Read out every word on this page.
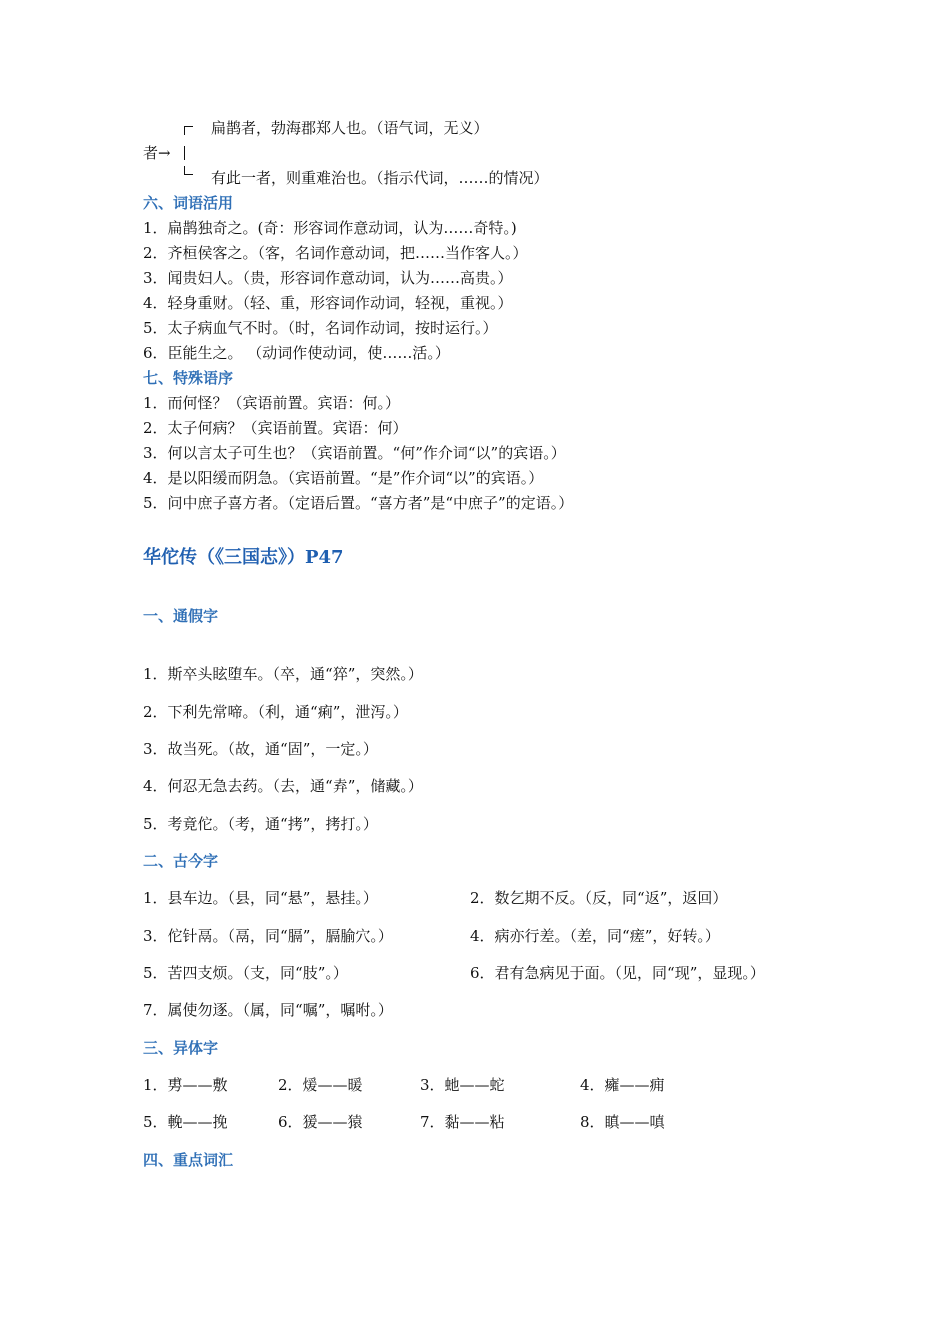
者→
扁鹊者，勃海郡郑人也。（语气词，无义）
有此一者，则重难治也。（指示代词，……的情况）
六、词语活用
1．扁鹊独奇之。(奇：形容词作意动词，认为……奇特。)
2．齐桓侯客之。（客，名词作意动词，把……当作客人。）
3．闻贵妇人。（贵，形容词作意动词，认为……高贵。）
4．轻身重财。（轻、重，形容词作动词，轻视，重视。）
5．太子病血气不时。（时，名词作动词，按时运行。）
6．臣能生之。 （动词作使动词，使……活。）
七、特殊语序
1．而何怪？（宾语前置。宾语：何。）
2．太子何病？（宾语前置。宾语：何）
3．何以言太子可生也？（宾语前置。“何”作介词“以”的宾语。）
4．是以阳缓而阴急。（宾语前置。“是”作介词“以”的宾语。）
5．问中庶子喜方者。（定语后置。“喜方者”是“中庶子”的定语。）
华佗传（《三国志》）P47
一、通假字
1．斯卒头眩堕车。（卒，通“猝”，突然。）
2．下利先常啼。（利，通“痢”，泄泻。）
3．故当死。（故，通“固”，一定。）
4．何忍无急去药。（去，通“弆”，储藏。）
5．考竟佗。（考，通“拷”，拷打。）
二、古今字
1．县车边。（县，同“悬”，悬挂。）	2．数乞期不反。（反，同“返”，返回）
3．佗针鬲。（鬲，同“膈”，膈腧穴。）	4．病亦行差。（差，同“瘥”，好转。）
5．苦四支烦。（支，同“肢”。）	6．君有急病见于面。（见，同“现”，显现。）
7．属使勿逐。（属，同“嘱”，嘱咐。）
三、异体字
1．旉——敷	2．煖——暖	3．虵——蛇	4．癕——痈
5．輓——挽	6．猨——猿	7．黏——粘	8．瞋——嗔
四、重点词汇
